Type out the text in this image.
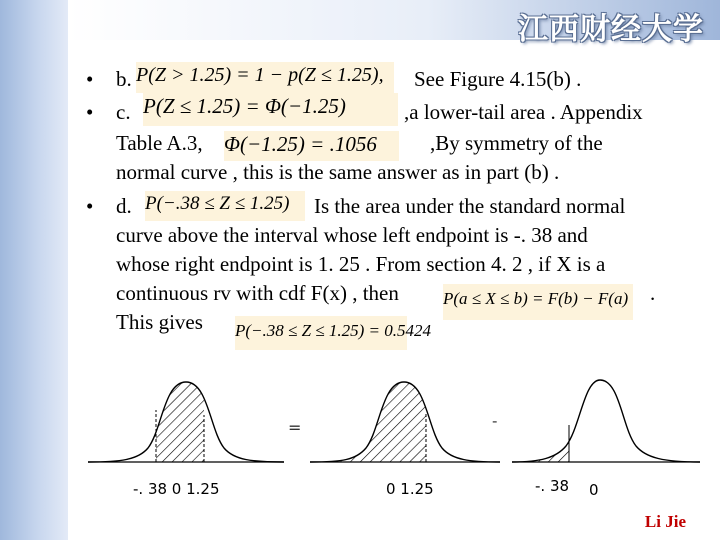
江西财经大学
• b. P(Z > 1.25) = 1 − p(Z ≤ 1.25),	See Figure 4.15(b) .
• c. P(Z ≤ 1.25) = Φ(−1.25)	,a lower-tail area . Appendix
Table A.3, Φ(−1.25) = .1056	,By symmetry of the
normal curve , this is the same answer as in part (b) .
• d. P(−.38 ≤ Z ≤ 1.25)	Is the area under the standard normal
curve above the interval whose left endpoint is -. 38 and
whose right endpoint is 1. 25 . From section 4. 2 , if X is a
continuous rv with cdf F(x) , then	P(a ≤ X ≤ b) = F(b) − F(a) .
This gives P(−.38 ≤ Z ≤ 1.25) = 0.5424
-. 38 0 1.25
=
0 1.25
-
-. 38 0
Li Jie
